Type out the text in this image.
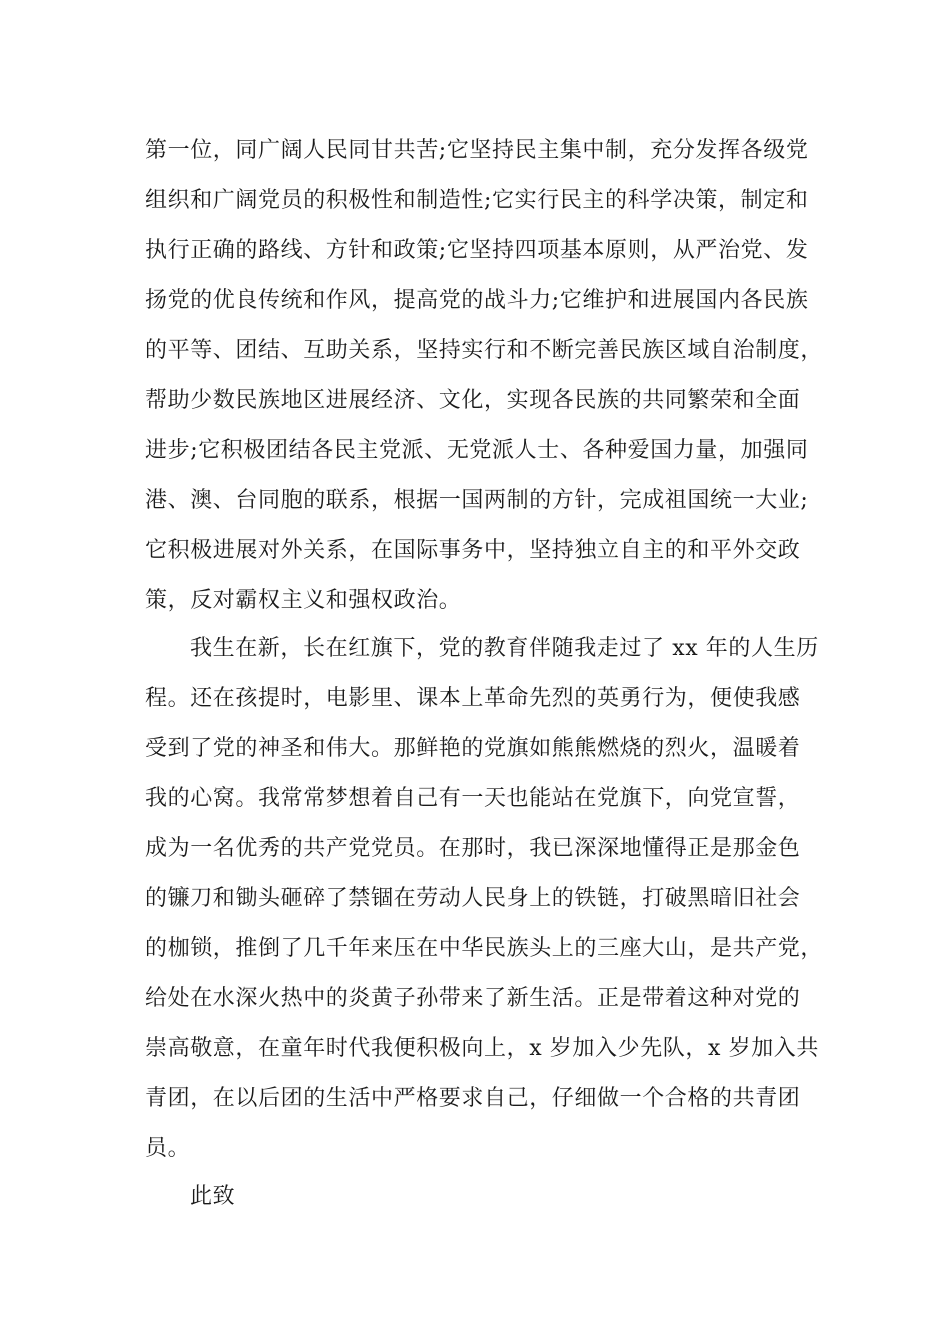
第一位，同广阔人民同甘共苦;它坚持民主集中制，充分发挥各级党
组织和广阔党员的积极性和制造性;它实行民主的科学决策，制定和
执行正确的路线、方针和政策;它坚持四项基本原则，从严治党、发
扬党的优良传统和作风，提高党的战斗力;它维护和进展国内各民族
的平等、团结、互助关系，坚持实行和不断完善民族区域自治制度，
帮助少数民族地区进展经济、文化，实现各民族的共同繁荣和全面
进步;它积极团结各民主党派、无党派人士、各种爱国力量，加强同
港、澳、台同胞的联系，根据一国两制的方针，完成祖国统一大业;
它积极进展对外关系，在国际事务中，坚持独立自主的和平外交政
策，反对霸权主义和强权政治。
我生在新，长在红旗下，党的教育伴随我走过了 xx 年的人生历
程。还在孩提时，电影里、课本上革命先烈的英勇行为，便使我感
受到了党的神圣和伟大。那鲜艳的党旗如熊熊燃烧的烈火，温暖着
我的心窝。我常常梦想着自己有一天也能站在党旗下，向党宣誓，
成为一名优秀的共产党党员。在那时，我已深深地懂得正是那金色
的镰刀和锄头砸碎了禁锢在劳动人民身上的铁链，打破黑暗旧社会
的枷锁，推倒了几千年来压在中华民族头上的三座大山，是共产党，
给处在水深火热中的炎黄子孙带来了新生活。正是带着这种对党的
崇高敬意，在童年时代我便积极向上，x 岁加入少先队，x 岁加入共
青团，在以后团的生活中严格要求自己，仔细做一个合格的共青团
员。
此致
